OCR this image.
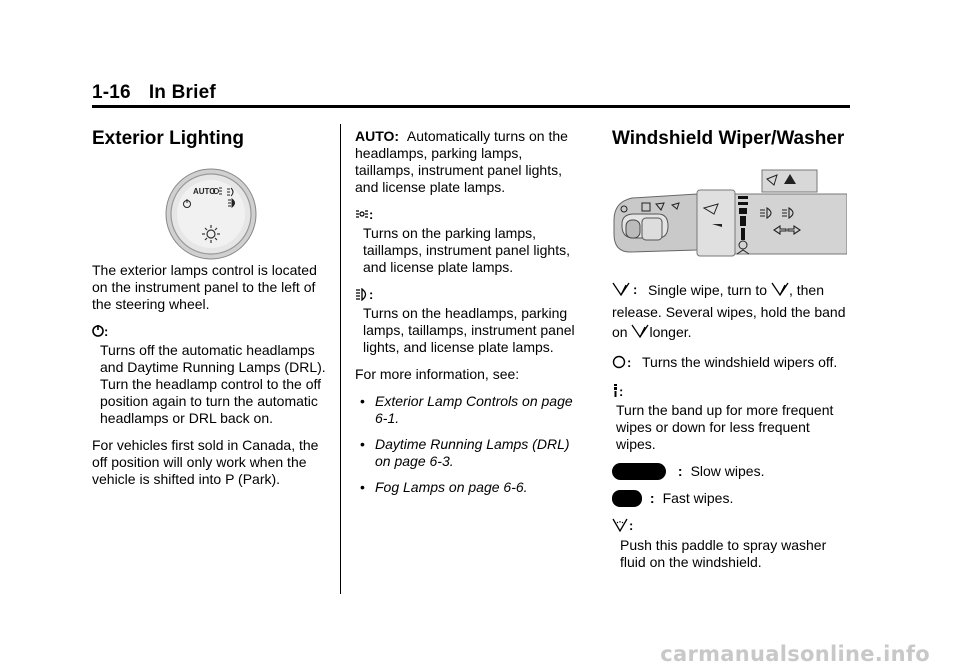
1-16 In Brief
Exterior Lighting
AUTO

The exterior lamps control is located on the instrument panel to the left of the steering wheel.

:
Turns off the automatic headlamps and Daytime Running Lamps (DRL). Turn the headlamp control to the off position again to turn the automatic headlamps or DRL back on.

For vehicles first sold in Canada, the off position will only work when the vehicle is shifted into P (Park).

AUTO: Automatically turns on the headlamps, parking lamps, taillamps, instrument panel lights, and license plate lamps.

:
Turns on the parking lamps, taillamps, instrument panel lights, and license plate lamps.

:
Turns on the headlamps, parking lamps, taillamps, instrument panel lights, and license plate lamps.

For more information, see:

• Exterior Lamp Controls on page 6-1.
• Daytime Running Lamps (DRL) on page 6-3.
• Fog Lamps on page 6-6.
Windshield Wiper/Washer

: Single wipe, turn to , then release. Several wipes, hold the band on longer.

: Turns the windshield wipers off.

:
Turn the band up for more frequent wipes or down for less frequent wipes.

: Slow wipes.

: Fast wipes.

:
Push this paddle to spray washer fluid on the windshield.

carmanualsonline.info
